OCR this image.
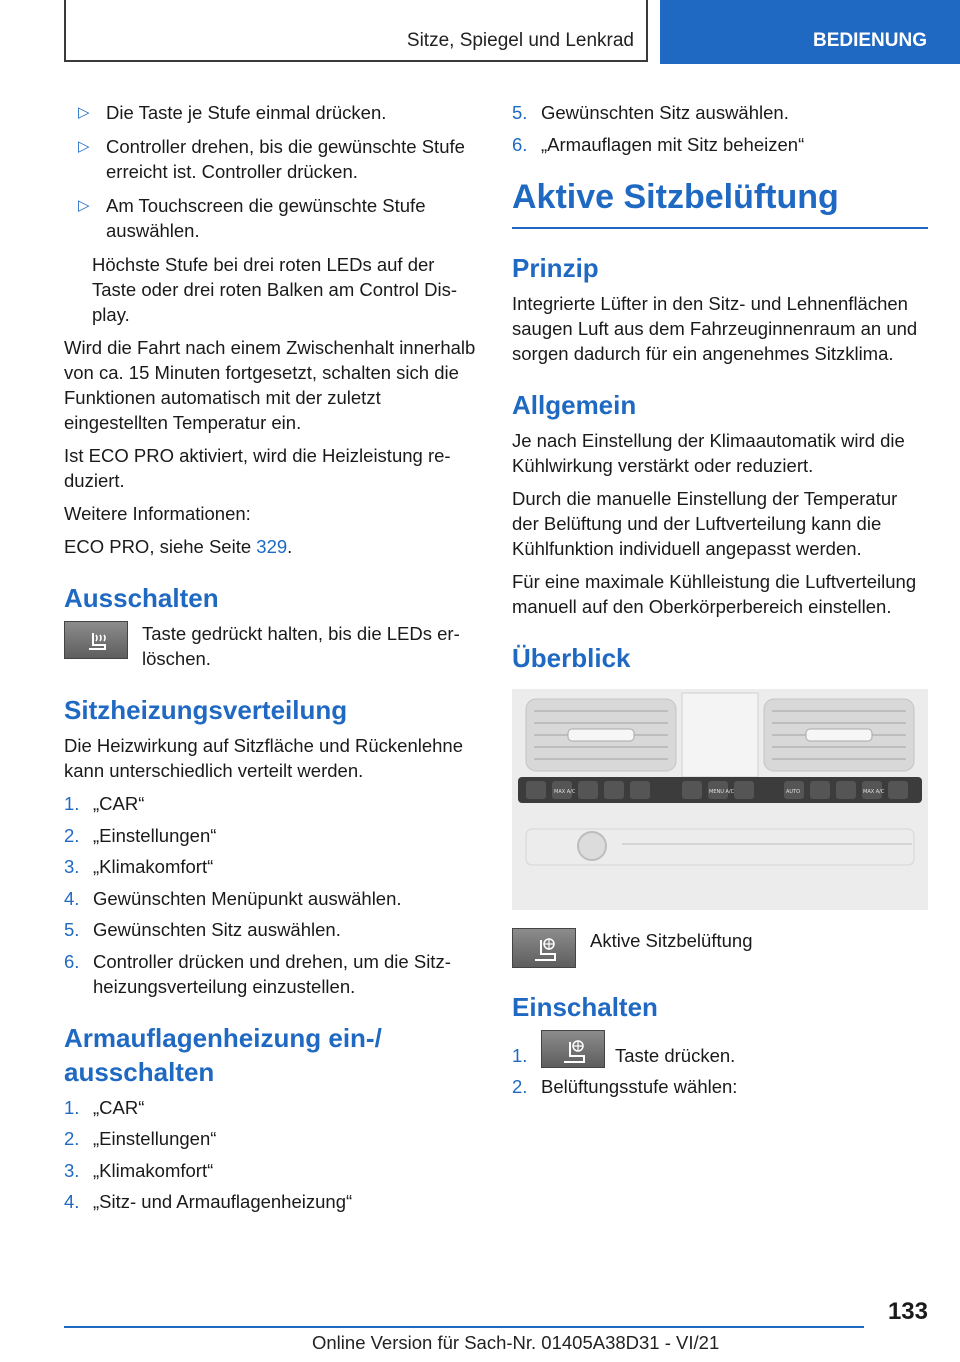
Sitze, Spiegel und Lenkrad	BEDIENUNG
▷ Die Taste je Stufe einmal drücken.
▷ Controller drehen, bis die gewünschte Stufe erreicht ist. Controller drücken.
▷ Am Touchscreen die gewünschte Stufe auswählen.

Höchste Stufe bei drei roten LEDs auf der Taste oder drei roten Balken am Control Display.

Wird die Fahrt nach einem Zwischenhalt innerhalb von ca. 15 Minuten fortgesetzt, schalten sich die Funktionen automatisch mit der zuletzt eingestellten Temperatur ein.

Ist ECO PRO aktiviert, wird die Heizleistung reduziert.

Weitere Informationen:

ECO PRO, siehe Seite 329.

Ausschalten
Taste gedrückt halten, bis die LEDs erlöschen.
Sitzheizungsverteilung

Die Heizwirkung auf Sitzfläche und Rückenlehne kann unterschiedlich verteilt werden.

1. „CAR“
2. „Einstellungen“
3. „Klimakomfort“
4. Gewünschten Menüpunkt auswählen.
5. Gewünschten Sitz auswählen.
6. Controller drücken und drehen, um die Sitzheizungsverteilung einzustellen.
Armauflagenheizung ein-/ ausschalten
1. „CAR“
2. „Einstellungen“
3. „Klimakomfort“
4. „Sitz- und Armauflagenheizung“
5. Gewünschten Sitz auswählen.
6. „Armauflagen mit Sitz beheizen“
Aktive Sitzbelüftung
Prinzip

Integrierte Lüfter in den Sitz- und Lehnenflächen saugen Luft aus dem Fahrzeuginnenraum an und sorgen dadurch für ein angenehmes Sitzklima.

Allgemein

Je nach Einstellung der Klimaautomatik wird die Kühlwirkung verstärkt oder reduziert.

Durch die manuelle Einstellung der Temperatur der Belüftung und der Luftverteilung kann die Kühlfunktion individuell angepasst werden.

Für eine maximale Kühlleistung die Luftverteilung manuell auf den Oberkörperbereich einstellen.

Überblick
MAX A/C	MENU A/C	AUTO	MAX A/C
Aktive Sitzbelüftung
Einschalten
1.	Taste drücken.
2. Belüftungsstufe wählen:
133
Online Version für Sach-Nr. 01405A38D31 - VI/21
